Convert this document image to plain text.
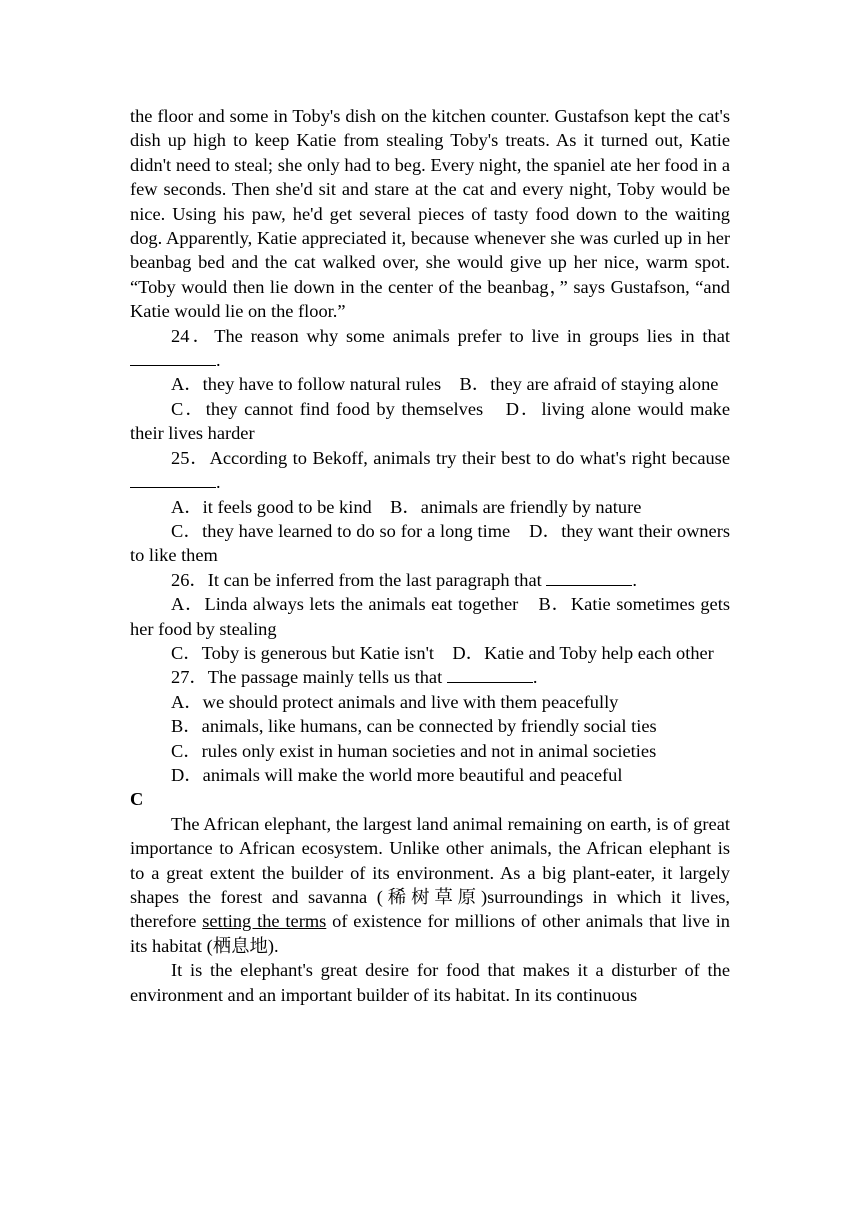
the floor and some in Toby's dish on the kitchen counter. Gustafson kept the cat's dish up high to keep Katie from stealing Toby's treats. As it turned out, Katie didn't need to steal; she only had to beg. Every night, the spaniel ate her food in a few seconds. Then she'd sit and stare at the cat and every night, Toby would be nice. Using his paw, he'd get several pieces of tasty food down to the waiting dog. Apparently, Katie appreciated it, because whenever she was curled up in her beanbag bed and the cat walked over, she would give up her nice, warm spot. “Toby would then lie down in the center of the beanbag，” says Gustafson, “and Katie would lie on the floor.”

24．The reason why some animals prefer to live in groups lies in that .

A．they have to follow natural rules　B．they are afraid of staying alone

C．they cannot find food by themselves　D．living alone would make their lives harder

25．According to Bekoff, animals try their best to do what's right because .

A．it feels good to be kind　B．animals are friendly by nature

C．they have learned to do so for a long time　D．they want their owners to like them

26．It can be inferred from the last paragraph that	.

A．Linda always lets the animals eat together　B．Katie sometimes gets her food by stealing

C．Toby is generous but Katie isn't　D．Katie and Toby help each other

27．The passage mainly tells us that	.

A．we should protect animals and live with them peacefully

B．animals, like humans, can be connected by friendly social ties

C．rules only exist in human societies and not in animal societies

D．animals will make the world more beautiful and peaceful

C

The African elephant, the largest land animal remaining on earth, is of great importance to African ecosystem. Unlike other animals, the African elephant is to a great extent the builder of its environment. As a big plant-eater, it largely shapes the forest and savanna (稀树草原)surroundings in which it lives, therefore setting the terms of existence for millions of other animals that live in its habitat (栖息地).

It is the elephant's great desire for food that makes it a disturber of the environment and an important builder of its habitat. In its continuous
